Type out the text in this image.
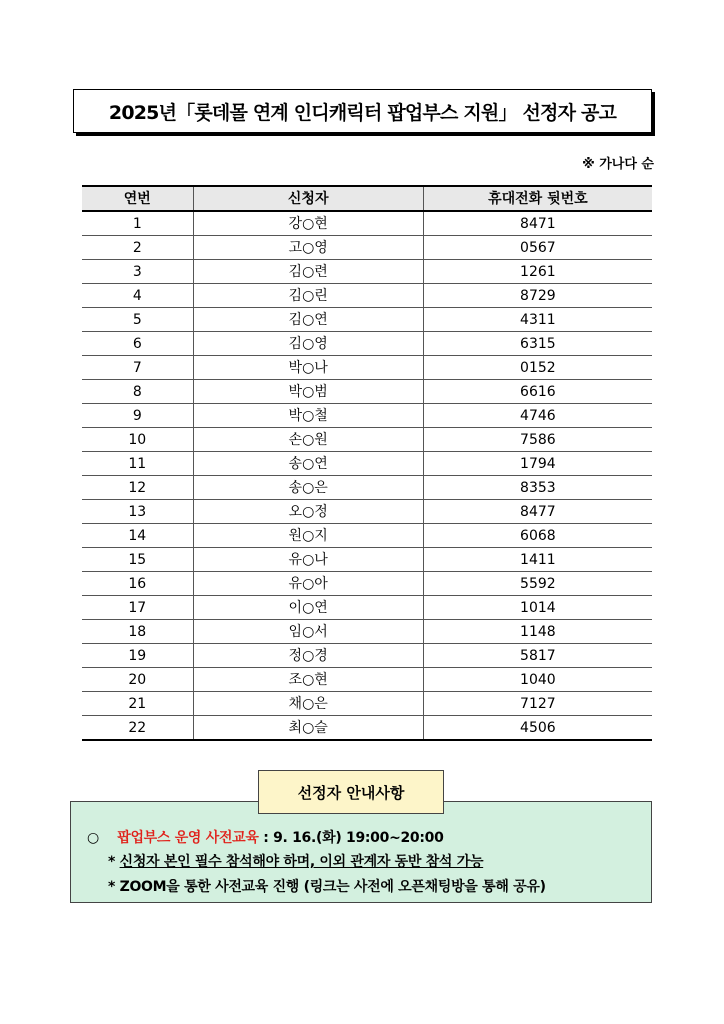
2025년「롯데몰 연계 인디캐릭터 팝업부스 지원」 선정자 공고
※ 가나다 순
연번	신청자	휴대전화 뒷번호
1	강○현	8471
2	고○영	0567
3	김○련	1261
4	김○린	8729
5	김○연	4311
6	김○영	6315
7	박○나	0152
8	박○범	6616
9	박○철	4746
10	손○원	7586
11	송○연	1794
12	송○은	8353
13	오○정	8477
14	원○지	6068
15	유○나	1411
16	유○아	5592
17	이○연	1014
18	임○서	1148
19	정○경	5817
20	조○현	1040
21	채○은	7127
22	최○슬	4506
선정자 안내사항
○ 팝업부스 운영 사전교육 : 9. 16.(화) 19:00~20:00
* 신청자 본인 필수 참석해야 하며, 이외 관계자 동반 참석 가능
* ZOOM을 통한 사전교육 진행 (링크는 사전에 오픈채팅방을 통해 공유)
